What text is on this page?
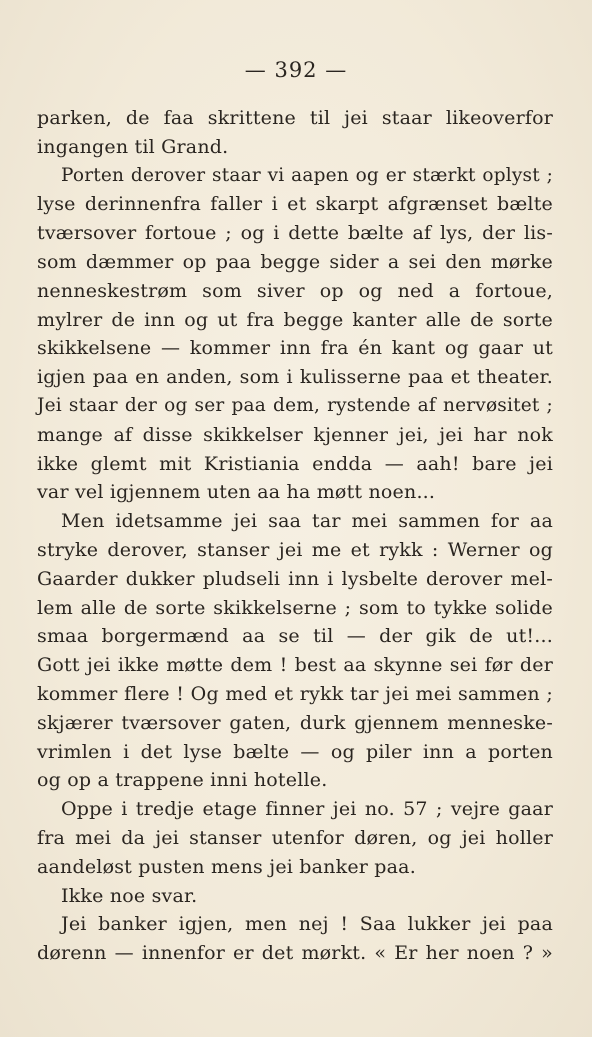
— 392 —
parken, de faa skrittene til jei staar likeoverfor
ingangen til Grand.
Porten derover staar vi aapen og er stærkt oplyst ;
lyse derinnenfra faller i et skarpt afgrænset bælte
tværsover fortoue ; og i dette bælte af lys, der lis-
som dæmmer op paa begge sider a sei den mørke
nenneskestrøm som siver op og ned a fortoue,
mylrer de inn og ut fra begge kanter alle de sorte
skikkelsene — kommer inn fra én kant og gaar ut
igjen paa en anden, som i kulisserne paa et theater.
Jei staar der og ser paa dem, rystende af nervøsitet ;
mange af disse skikkelser kjenner jei, jei har nok
ikke glemt mit Kristiania endda — aah! bare jei
var vel igjennem uten aa ha møtt noen...
Men idetsamme jei saa tar mei sammen for aa
stryke derover, stanser jei me et rykk : Werner og
Gaarder dukker pludseli inn i lysbelte derover mel-
lem alle de sorte skikkelserne ; som to tykke solide
smaa borgermænd aa se til — der gik de ut!...
Gott jei ikke møtte dem ! best aa skynne sei før der
kommer flere ! Og med et rykk tar jei mei sammen ;
skjærer tværsover gaten, durk gjennem menneske-
vrimlen i det lyse bælte — og piler inn a porten
og op a trappene inni hotelle.
Oppe i tredje etage finner jei no. 57 ; vejre gaar
fra mei da jei stanser utenfor døren, og jei holler
aandeløst pusten mens jei banker paa.
Ikke noe svar.
Jei banker igjen, men nej ! Saa lukker jei paa
dørenn — innenfor er det mørkt. « Er her noen ? »
